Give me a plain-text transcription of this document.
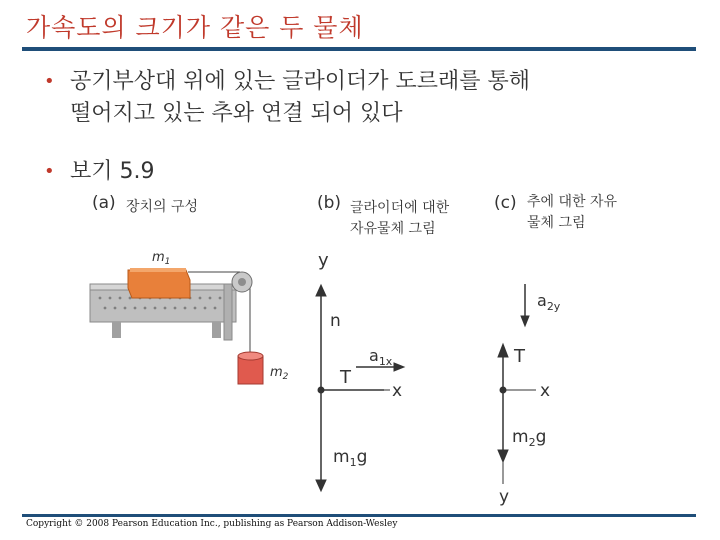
가속도의 크기가 같은 두 물체
• 공기부상대 위에 있는 글라이더가 도르래를 통해
떨어지고 있는 추와 연결 되어 있다
• 보기 5.9
(a) 장치의 구성
$m_1$
$m_2$
(b) 글라이더에 대한
자유물체 그림
y
n
$a_{1x}$
T
x
$m_1g$
(c) 추에 대한 자유
물체 그림
$a_{2y}$
T
x
$m_2g$
y
Copyright © 2008 Pearson Education Inc., publishing as Pearson Addison-Wesley
